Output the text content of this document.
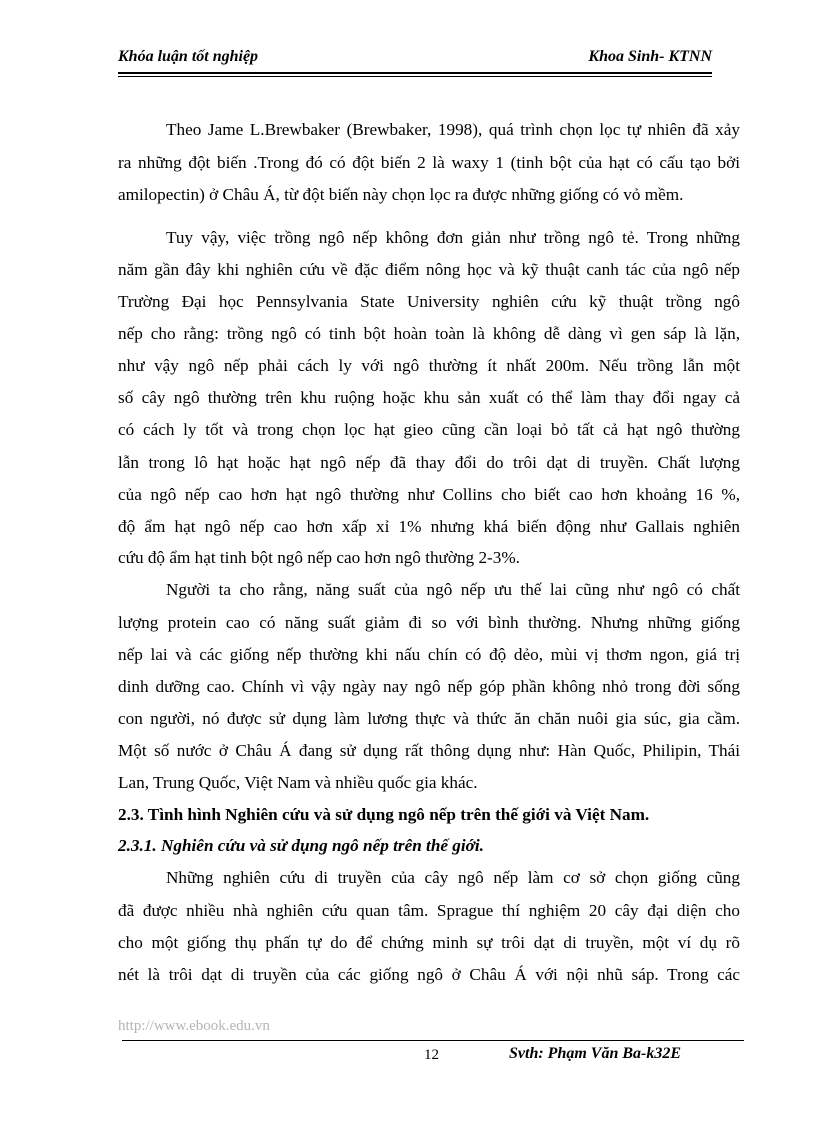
Khóa luận tốt nghiệp	Khoa Sinh- KTNN
Theo Jame L.Brewbaker (Brewbaker, 1998), quá trình chọn lọc tự nhiên đã xảy
ra những đột biến .Trong đó có đột biến 2 là waxy 1 (tinh bột của hạt có cấu tạo bởi
amilopectin) ở Châu Á, từ đột biến này chọn lọc ra được những giống có vỏ mềm.
Tuy vậy, việc trồng ngô nếp không đơn giản như trồng ngô tẻ. Trong những
năm gần đây khi nghiên cứu về đặc điểm nông học và kỹ thuật canh tác của ngô nếp
Trường Đại học Pennsylvania State University nghiên cứu kỹ thuật trồng ngô
nếp cho rằng: trồng ngô có tinh bột hoàn toàn là không dễ dàng vì gen sáp là lặn,
như vậy ngô nếp phải cách ly với ngô thường ít nhất 200m. Nếu trồng lẫn một
số cây ngô thường trên khu ruộng hoặc khu sản xuất có thể làm thay đổi ngay cả
có cách ly tốt và trong chọn lọc hạt gieo cũng cần loại bỏ tất cả hạt ngô thường
lẫn trong lô hạt hoặc hạt ngô nếp đã thay đổi do trôi dạt di truyền. Chất lượng
của ngô nếp cao hơn hạt ngô thường như Collins cho biết cao hơn khoảng 16 %,
độ ẩm hạt ngô nếp cao hơn xấp xỉ 1% nhưng khá biến động như Gallais nghiên
cứu độ ẩm hạt tinh bột ngô nếp cao hơn ngô thường 2-3%.
Người ta cho rằng, năng suất của ngô nếp ưu thế lai cũng như ngô có chất
lượng protein cao có năng suất giảm đi so với bình thường. Nhưng những giống
nếp lai và các giống nếp thường khi nấu chín có độ dẻo, mùi vị thơm ngon, giá trị
dinh dưỡng cao. Chính vì vậy ngày nay ngô nếp góp phần không nhỏ trong đời sống
con người, nó được sử dụng làm lương thực và thức ăn chăn nuôi gia súc, gia cầm.
Một số nước ở Châu Á đang sử dụng rất thông dụng như: Hàn Quốc, Philipin, Thái
Lan, Trung Quốc, Việt Nam và nhiều quốc gia khác.
2.3. Tình hình Nghiên cứu và sử dụng ngô nếp trên thế giới và Việt Nam.
2.3.1. Nghiên cứu và sử dụng ngô nếp trên thế giới.
Những nghiên cứu di truyền của cây ngô nếp làm cơ sở chọn giống cũng
đã được nhiều nhà nghiên cứu quan tâm. Sprague thí nghiệm 20 cây đại diện cho
cho một giống thụ phấn tự do để chứng minh sự trôi dạt di truyền, một ví dụ rõ
nét là trôi dạt di truyền của các giống ngô ở Châu Á với nội nhũ sáp. Trong các
http://www.ebook.edu.vn
12	Svth: Phạm Văn Ba-k32E
